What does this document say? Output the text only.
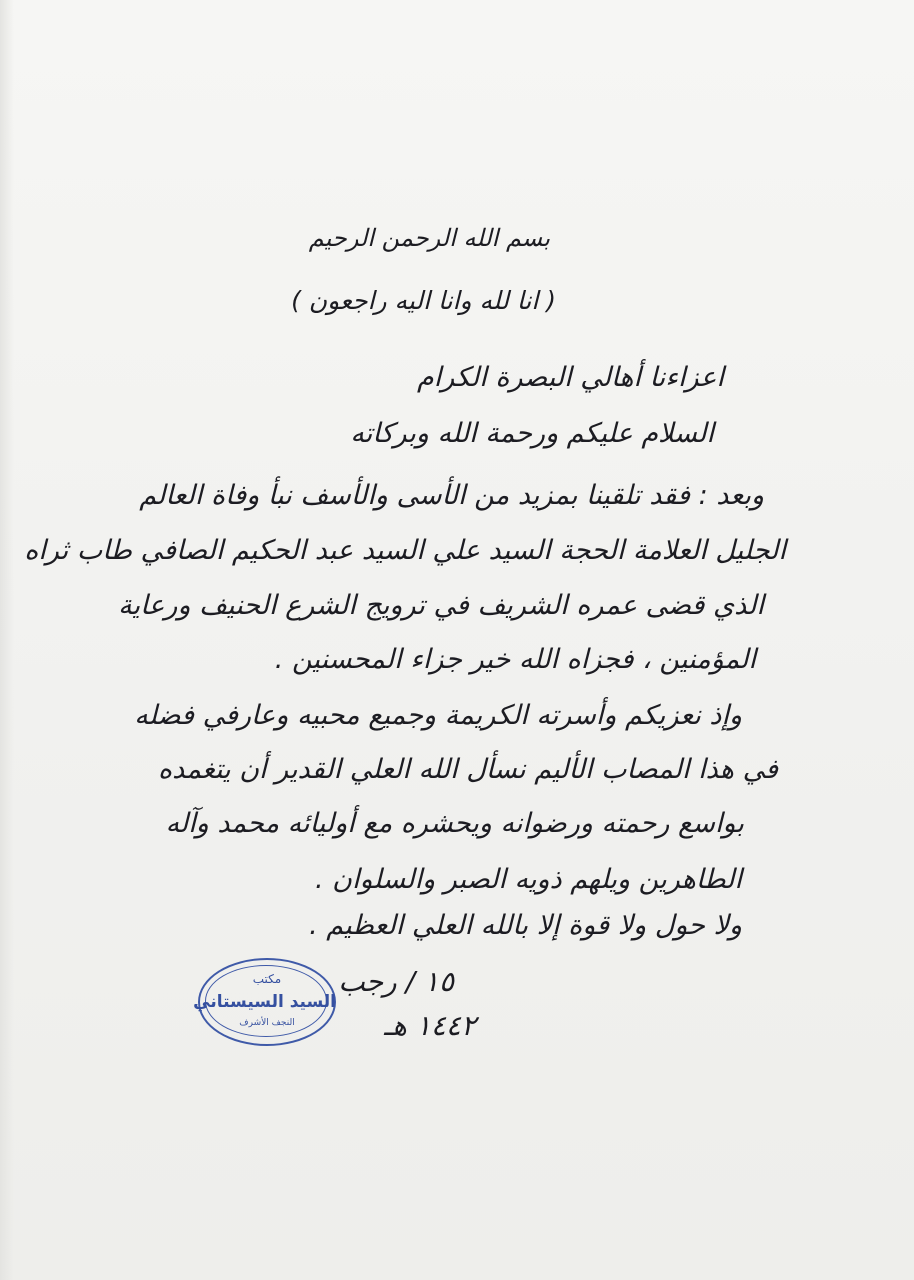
بسم الله الرحمن الرحيم
( انا لله وانا اليه راجعون )
اعزاءنا أهالي البصرة الكرام
السلام عليكم ورحمة الله وبركاته
وبعد : فقد تلقينا بمزيد من الأسى والأسف نبأ وفاة العالم
الجليل العلامة الحجة السيد علي السيد عبد الحكيم الصافي طاب ثراه
الذي قضى عمره الشريف في ترويج الشرع الحنيف ورعاية
المؤمنين ، فجزاه الله خير جزاء المحسنين .
وإذ نعزيكم وأسرته الكريمة وجميع محبيه وعارفي فضله
في هذا المصاب الأليم نسأل الله العلي القدير أن يتغمده
بواسع رحمته ورضوانه ويحشره مع أوليائه محمد وآله
الطاهرين ويلهم ذويه الصبر والسلوان .
ولا حول ولا قوة إلا بالله العلي العظيم .
١٥ / رجب
١٤٤٢ هـ
مكتب
السيد السيستاني
النجف الأشرف
